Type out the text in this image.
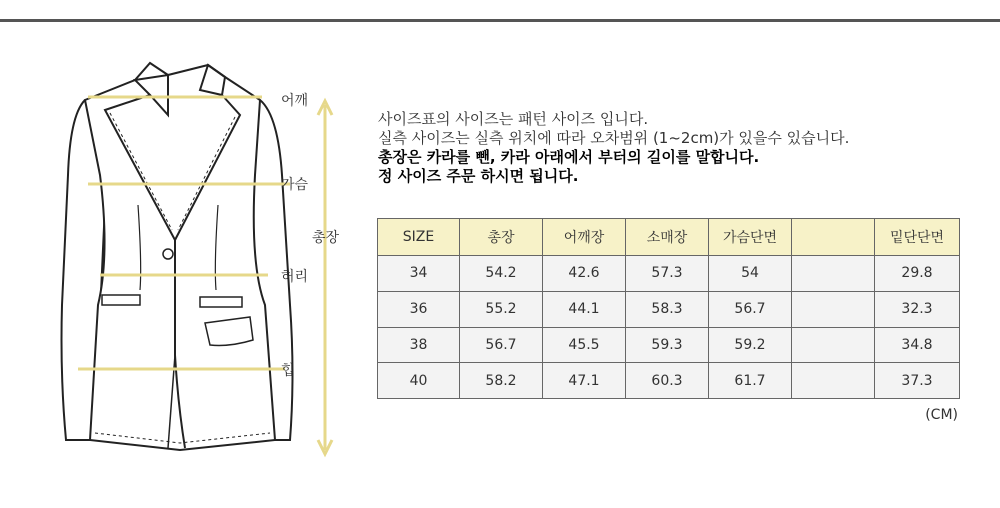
어깨
가슴
허리
힙
총장
사이즈표의 사이즈는 패턴 사이즈 입니다.
실측 사이즈는 실측 위치에 따라 오차범위 (1~2cm)가 있을수 있습니다.
총장은 카라를 뺀, 카라 아래에서 부터의 길이를 말합니다.
정 사이즈 주문 하시면 됩니다.
SIZE	총장	어깨장	소매장	가슴단면		밑단단면
34	54.2	42.6	57.3	54		29.8
36	55.2	44.1	58.3	56.7		32.3
38	56.7	45.5	59.3	59.2		34.8
40	58.2	47.1	60.3	61.7		37.3
(CM)
